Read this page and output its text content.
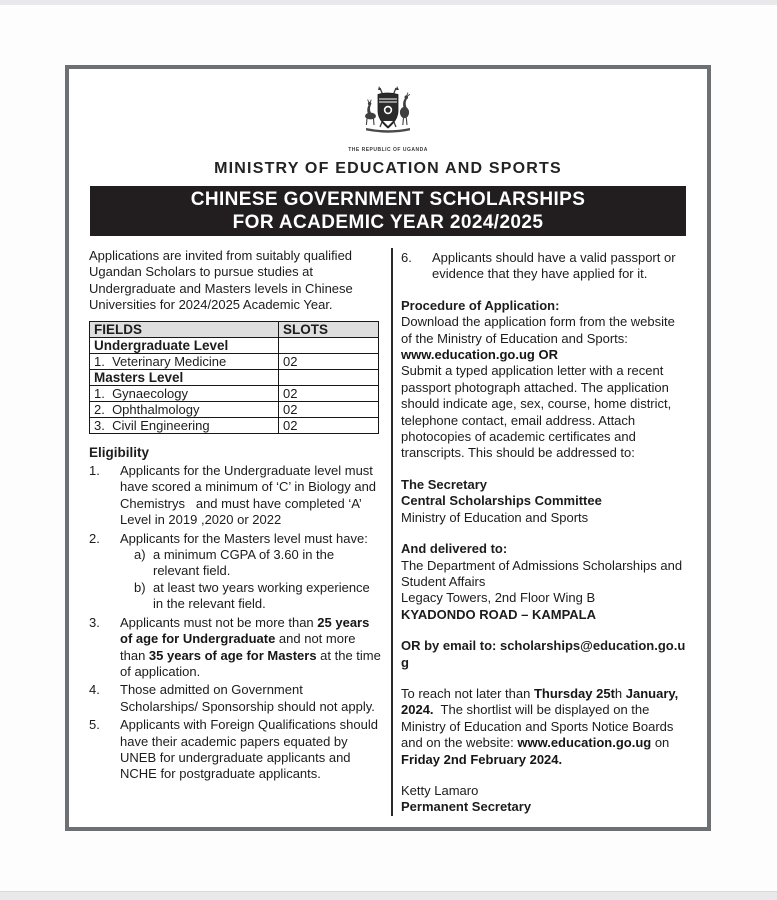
THE REPUBLIC OF UGANDA
MINISTRY OF EDUCATION AND SPORTS
CHINESE GOVERNMENT SCHOLARSHIPS
FOR ACADEMIC YEAR 2024/2025
Applications are invited from suitably qualified Ugandan Scholars to pursue studies at Undergraduate and Masters levels in Chinese Universities for 2024/2025 Academic Year.
FIELDS	SLOTS
Undergraduate Level	
1.  Veterinary Medicine	02
Masters Level	
1.  Gynaecology	02
2.  Ophthalmology	02
3.  Civil Engineering	02
Eligibility
1.	Applicants for the Undergraduate level must have scored a minimum of ‘C’ in Biology and Chemistrys   and must have completed ‘A’ Level in 2019 ,2020 or 2022
2.	Applicants for the Masters level must have:
a) a minimum CGPA of 3.60 in the relevant field.
b) at least two years working experience in the relevant field.
3.	Applicants must not be more than 25 years of age for Undergraduate and not more than 35 years of age for Masters at the time of application.
4.	Those admitted on Government Scholarships/ Sponsorship should not apply.
5.	Applicants with Foreign Qualifications should have their academic papers equated by UNEB for undergraduate applicants and NCHE for postgraduate applicants.
6.	Applicants should have a valid passport or evidence that they have applied for it.
Procedure of Application:
Download the application form from the website of the Ministry of Education and Sports: www.education.go.ug OR
Submit a typed application letter with a recent passport photograph attached. The application should indicate age, sex, course, home district, telephone contact, email address. Attach photocopies of academic certificates and transcripts. This should be addressed to:
The Secretary
Central Scholarships Committee
Ministry of Education and Sports
And delivered to:
The Department of Admissions Scholarships and Student Affairs
Legacy Towers, 2nd Floor Wing B
KYADONDO ROAD – KAMPALA
OR by email to: scholarships@education.go.ug
To reach not later than Thursday 25th January, 2024.  The shortlist will be displayed on the Ministry of Education and Sports Notice Boards and on the website: www.education.go.ug on Friday 2nd February 2024.
Ketty Lamaro
Permanent Secretary
